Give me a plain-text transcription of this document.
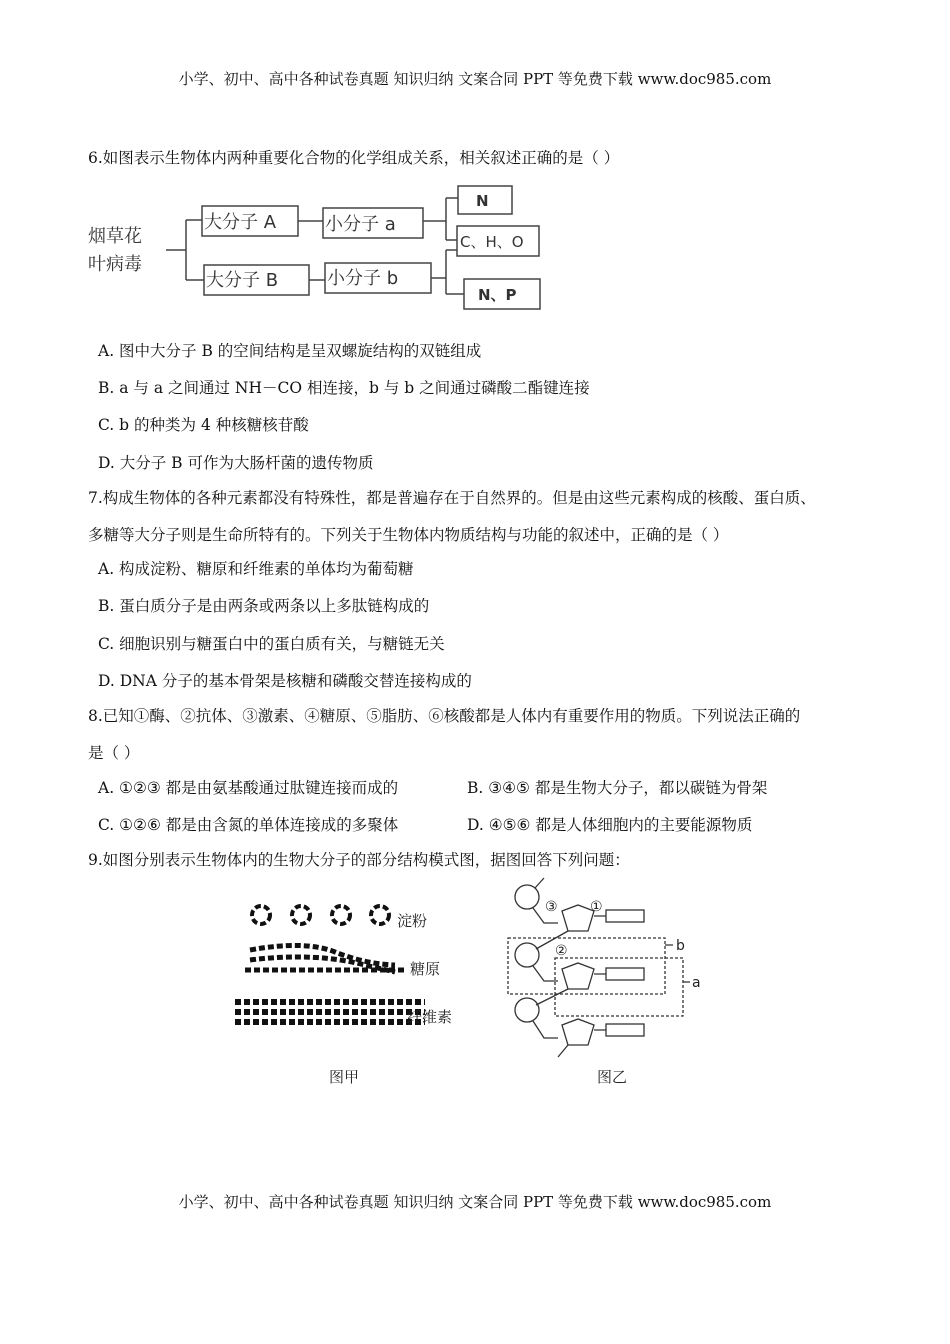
小学、初中、高中各种试卷真题 知识归纳 文案合同 PPT 等免费下载 www.doc985.com
6.如图表示生物体内两种重要化合物的化学组成关系，相关叙述正确的是（ ）
烟草花
叶病毒
大分子 A	小分子 a
大分子 B	小分子 b
N
C、H、O
N、P
A. 图中大分子 B 的空间结构是呈双螺旋结构的双链组成
B. a 与 a 之间通过 NH－CO 相连接，b 与 b 之间通过磷酸二酯键连接
C. b 的种类为 4 种核糖核苷酸
D. 大分子 B 可作为大肠杆菌的遗传物质
7.构成生物体的各种元素都没有特殊性，都是普遍存在于自然界的。但是由这些元素构成的核酸、蛋白质、
多糖等大分子则是生命所特有的。下列关于生物体内物质结构与功能的叙述中，正确的是（ ）
A. 构成淀粉、糖原和纤维素的单体均为葡萄糖
B. 蛋白质分子是由两条或两条以上多肽链构成的
C. 细胞识别与糖蛋白中的蛋白质有关，与糖链无关
D. DNA 分子的基本骨架是核糖和磷酸交替连接构成的
8.已知①酶、②抗体、③激素、④糖原、⑤脂肪、⑥核酸都是人体内有重要作用的物质。下列说法正确的
是（ ）
A. ①②③ 都是由氨基酸通过肽键连接而成的	B. ③④⑤ 都是生物大分子，都以碳链为骨架
C. ①②⑥ 都是由含氮的单体连接成的多聚体	D. ④⑤⑥ 都是人体细胞内的主要能源物质
9.如图分别表示生物体内的生物大分子的部分结构模式图，据图回答下列问题：
淀粉
糖原
纤维素
图甲
③ ①
②	b
a
图乙
小学、初中、高中各种试卷真题 知识归纳 文案合同 PPT 等免费下载 www.doc985.com
